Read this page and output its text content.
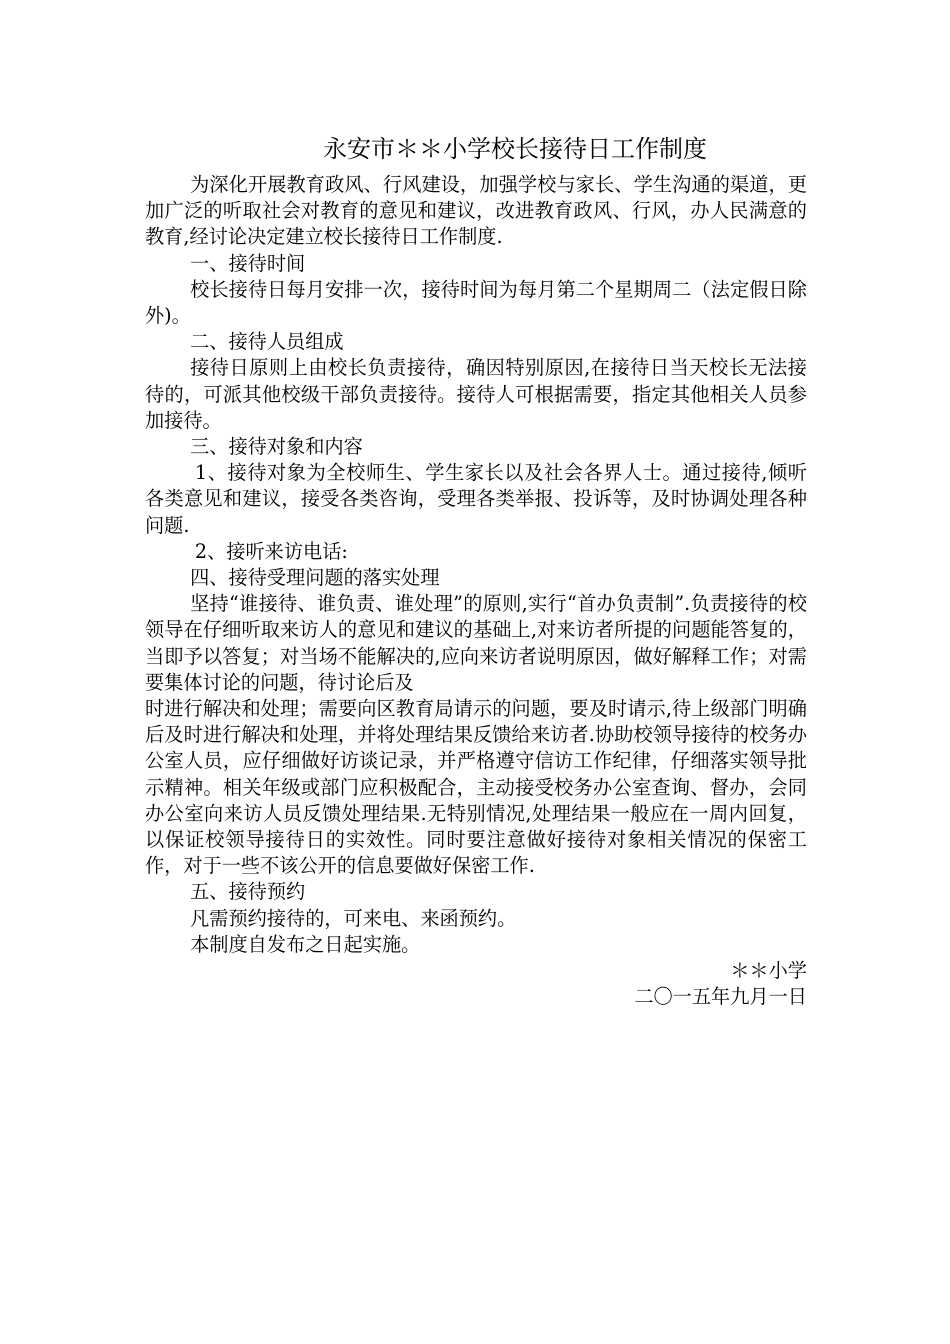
永安市＊＊小学校长接待日工作制度

为深化开展教育政风、行风建设，加强学校与家长、学生沟通的渠道，更加广泛的听取社会对教育的意见和建议，改进教育政风、行风，办人民满意的教育,经讨论决定建立校长接待日工作制度.

一、接待时间

校长接待日每月安排一次，接待时间为每月第二个星期周二（法定假日除外)。

二、接待人员组成

接待日原则上由校长负责接待，确因特别原因,在接待日当天校长无法接待的，可派其他校级干部负责接待。接待人可根据需要，指定其他相关人员参加接待。

三、接待对象和内容

1、接待对象为全校师生、学生家长以及社会各界人士。通过接待,倾听各类意见和建议，接受各类咨询，受理各类举报、投诉等，及时协调处理各种问题.

2、接听来访电话:

四、接待受理问题的落实处理

坚持“谁接待、谁负责、谁处理”的原则,实行“首办负责制”.负责接待的校领导在仔细听取来访人的意见和建议的基础上,对来访者所提的问题能答复的，当即予以答复；对当场不能解决的,应向来访者说明原因，做好解释工作；对需要集体讨论的问题，待讨论后及

时进行解决和处理；需要向区教育局请示的问题，要及时请示,待上级部门明确后及时进行解决和处理，并将处理结果反馈给来访者.协助校领导接待的校务办公室人员，应仔细做好访谈记录，并严格遵守信访工作纪律，仔细落实领导批示精神。相关年级或部门应积极配合，主动接受校务办公室查询、督办，会同办公室向来访人员反馈处理结果.无特别情况,处理结果一般应在一周内回复，以保证校领导接待日的实效性。同时要注意做好接待对象相关情况的保密工作，对于一些不该公开的信息要做好保密工作.

五、接待预约

凡需预约接待的，可来电、来函预约。

本制度自发布之日起实施。

＊＊小学

二〇一五年九月一日
